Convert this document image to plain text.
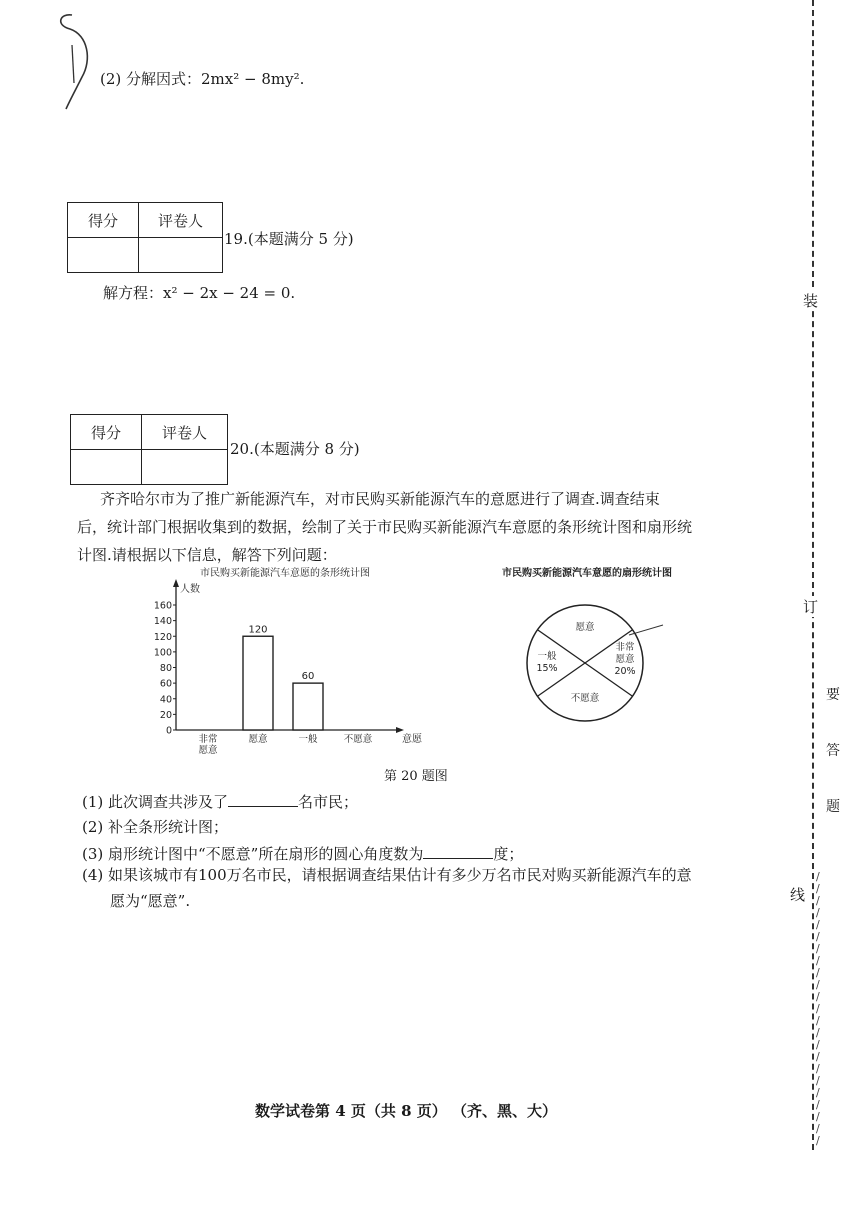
(2) 分解因式：2mx² − 8my².
得分	评卷人

19.(本题满分 5 分)
解方程：x² − 2x − 24 = 0.
得分	评卷人

20.(本题满分 8 分)
齐齐哈尔市为了推广新能源汽车，对市民购买新能源汽车的意愿进行了调查.调查结束
后，统计部门根据收集到的数据，绘制了关于市民购买新能源汽车意愿的条形统计图和扇形统
计图.请根据以下信息，解答下列问题：
市民购买新能源汽车意愿的条形统计图
人数
意愿
0
20
40
60
80
100
120
140
160
非常
愿意
愿意
120
一般
60
不愿意
市民购买新能源汽车意愿的扇形统计图
愿意
非常
愿意
20%
不愿意
一般
15%
第 20 题图
(1) 此次调查共涉及了	名市民；
(2) 补全条形统计图；
(3) 扇形统计图中“不愿意”所在扇形的圆心角度数为	度；
(4) 如果该城市有100万名市民，请根据调查结果估计有多少万名市民对购买新能源汽车的意
愿为“愿意”.
数学试卷第 4 页（共 8 页） （齐、黑、大）
装
订
线
要
答
题
/
/
/
/
/
/
/
/
/
/
/
/
/
/
/
/
/
/
/
/
/
/
/
